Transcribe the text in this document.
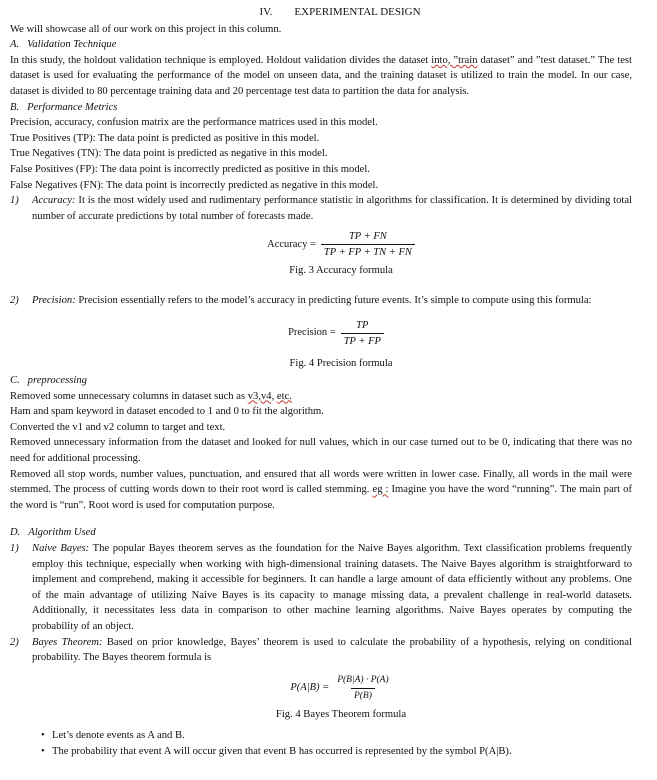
IV. EXPERIMENTAL DESIGN

We will showcase all of our work on this project in this column.

A. Validation Technique

In this study, the holdout validation technique is employed. Holdout validation divides the dataset into, ”train dataset” and ”test dataset.” The test dataset is used for evaluating the performance of the model on unseen data, and the training dataset is utilized to train the model. In our case, dataset is divided to 80 percentage training data and 20 percentage test data to partition the data for analysis.

B. Performance Metrics

Precision, accuracy, confusion matrix are the performance matrices used in this model.

True Positives (TP): The data point is predicted as positive in this model.

True Negatives (TN): The data point is predicted as negative in this model.

False Positives (FP): The data point is incorrectly predicted as positive in this model.

False Negatives (FN): The data point is incorrectly predicted as negative in this model.

1) Accuracy: It is the most widely used and rudimentary performance statistic in algorithms for classification. It is determined by dividing total number of accurate predictions by total number of forecasts made.
Accuracy = $\frac{TP + FN}{TP + FP + TN + FN}$

Fig. 3 Accuracy formula

2) Precision: Precision essentially refers to the model’s accuracy in predicting future events. It’s simple to compute using this formula:
Precision = $\frac{TP}{TP + FP}$

Fig. 4 Precision formula

C. preprocessing

Removed some unnecessary columns in dataset such as v3,v4, etc.

Ham and spam keyword in dataset encoded to 1 and 0 to fit the algorithm.

Converted the v1 and v2 column to target and text.

Removed unnecessary information from the dataset and looked for null values, which in our case turned out to be 0, indicating that there was no need for additional processing.

Removed all stop words, number values, punctuation, and ensured that all words were written in lower case. Finally, all words in the mail were stemmed. The process of cutting words down to their root word is called stemming. eg : Imagine you have the word “running”. The main part of the word is “run”. Root word is used for computation purpose.

D. Algorithm Used

1) Naive Bayes: The popular Bayes theorem serves as the foundation for the Naive Bayes algorithm. Text classification problems frequently employ this technique, especially when working with high-dimensional training datasets. The Naive Bayes algorithm is straightforward to implement and comprehend, making it accessible for beginners. It can handle a large amount of data efficiently without any problems. One of the main advantage of utilizing Naive Bayes is its capacity to manage missing data, a prevalent challenge in real-world datasets. Additionally, it necessitates less data in comparison to other machine learning algorithms. Naive Bayes operates by computing the probability of an object.
2) Bayes Theorem: Based on prior knowledge, Bayes’ theorem is used to calculate the probability of a hypothesis, relying on conditional probability. The Bayes theorem formula is
$P(A|B) = \frac{P(B|A) \cdot P(A)}{P(B)}$

Fig. 4 Bayes Theorem formula

• Let’s denote events as A and B.
• The probability that event A will occur given that event B has occurred is represented by the symbol P(A|B).
